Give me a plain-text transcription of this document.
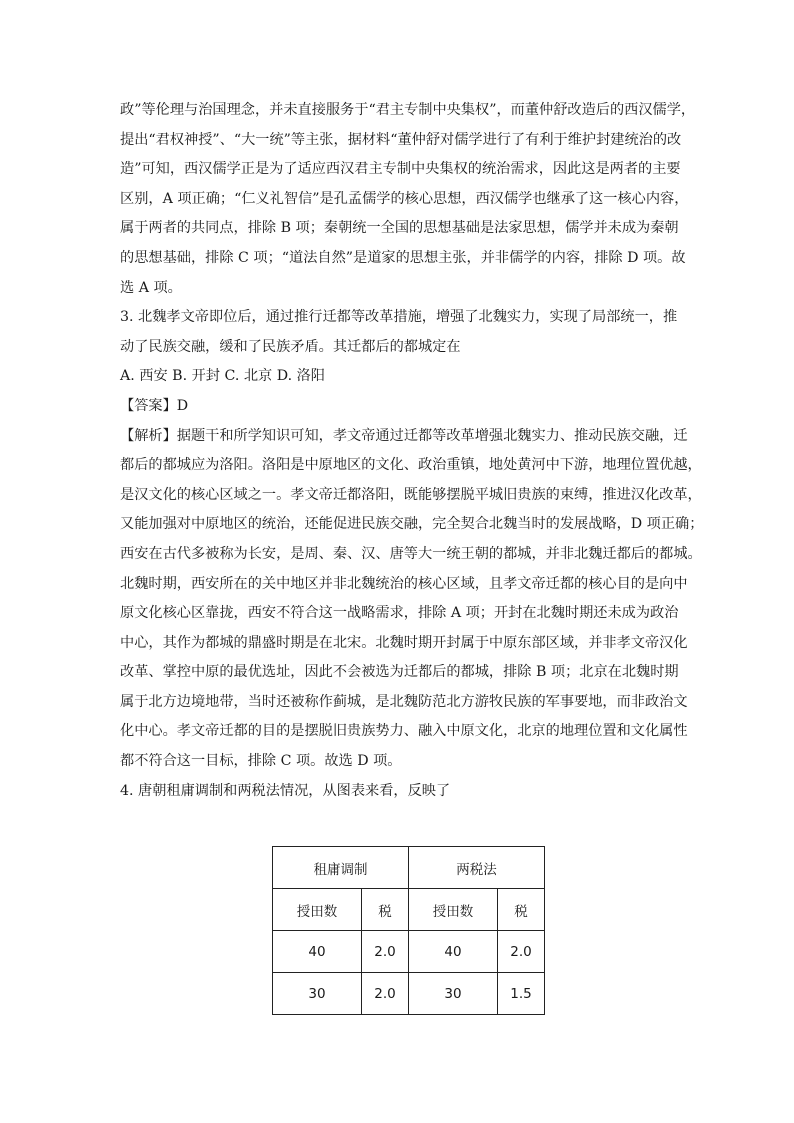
政”等伦理与治国理念，并未直接服务于“君主专制中央集权”，而董仲舒改造后的西汉儒学，
提出“君权神授”、“大一统”等主张，据材料“董仲舒对儒学进行了有利于维护封建统治的改
造”可知，西汉儒学正是为了适应西汉君主专制中央集权的统治需求，因此这是两者的主要
区别，A 项正确；“仁义礼智信”是孔孟儒学的核心思想，西汉儒学也继承了这一核心内容，
属于两者的共同点，排除 B 项；秦朝统一全国的思想基础是法家思想，儒学并未成为秦朝
的思想基础，排除 C 项；“道法自然”是道家的思想主张，并非儒学的内容，排除 D 项。故
选 A 项。
3. 北魏孝文帝即位后，通过推行迁都等改革措施，增强了北魏实力，实现了局部统一，推
动了民族交融，缓和了民族矛盾。其迁都后的都城定在
A. 西安 B. 开封 C. 北京 D. 洛阳
【答案】D
【解析】据题干和所学知识可知，孝文帝通过迁都等改革增强北魏实力、推动民族交融，迁
都后的都城应为洛阳。洛阳是中原地区的文化、政治重镇，地处黄河中下游，地理位置优越，
是汉文化的核心区域之一。孝文帝迁都洛阳，既能够摆脱平城旧贵族的束缚，推进汉化改革，
又能加强对中原地区的统治，还能促进民族交融，完全契合北魏当时的发展战略，D 项正确；
西安在古代多被称为长安，是周、秦、汉、唐等大一统王朝的都城，并非北魏迁都后的都城。
北魏时期，西安所在的关中地区并非北魏统治的核心区域，且孝文帝迁都的核心目的是向中
原文化核心区靠拢，西安不符合这一战略需求，排除 A 项；开封在北魏时期还未成为政治
中心，其作为都城的鼎盛时期是在北宋。北魏时期开封属于中原东部区域，并非孝文帝汉化
改革、掌控中原的最优选址，因此不会被选为迁都后的都城，排除 B 项；北京在北魏时期
属于北方边境地带，当时还被称作蓟城，是北魏防范北方游牧民族的军事要地，而非政治文
化中心。孝文帝迁都的目的是摆脱旧贵族势力、融入中原文化，北京的地理位置和文化属性
都不符合这一目标，排除 C 项。故选 D 项。
4. 唐朝租庸调制和两税法情况，从图表来看，反映了
租庸调制		两税法	
授田数	税	授田数	税
40	2.0	40	2.0
30	2.0	30	1.5
